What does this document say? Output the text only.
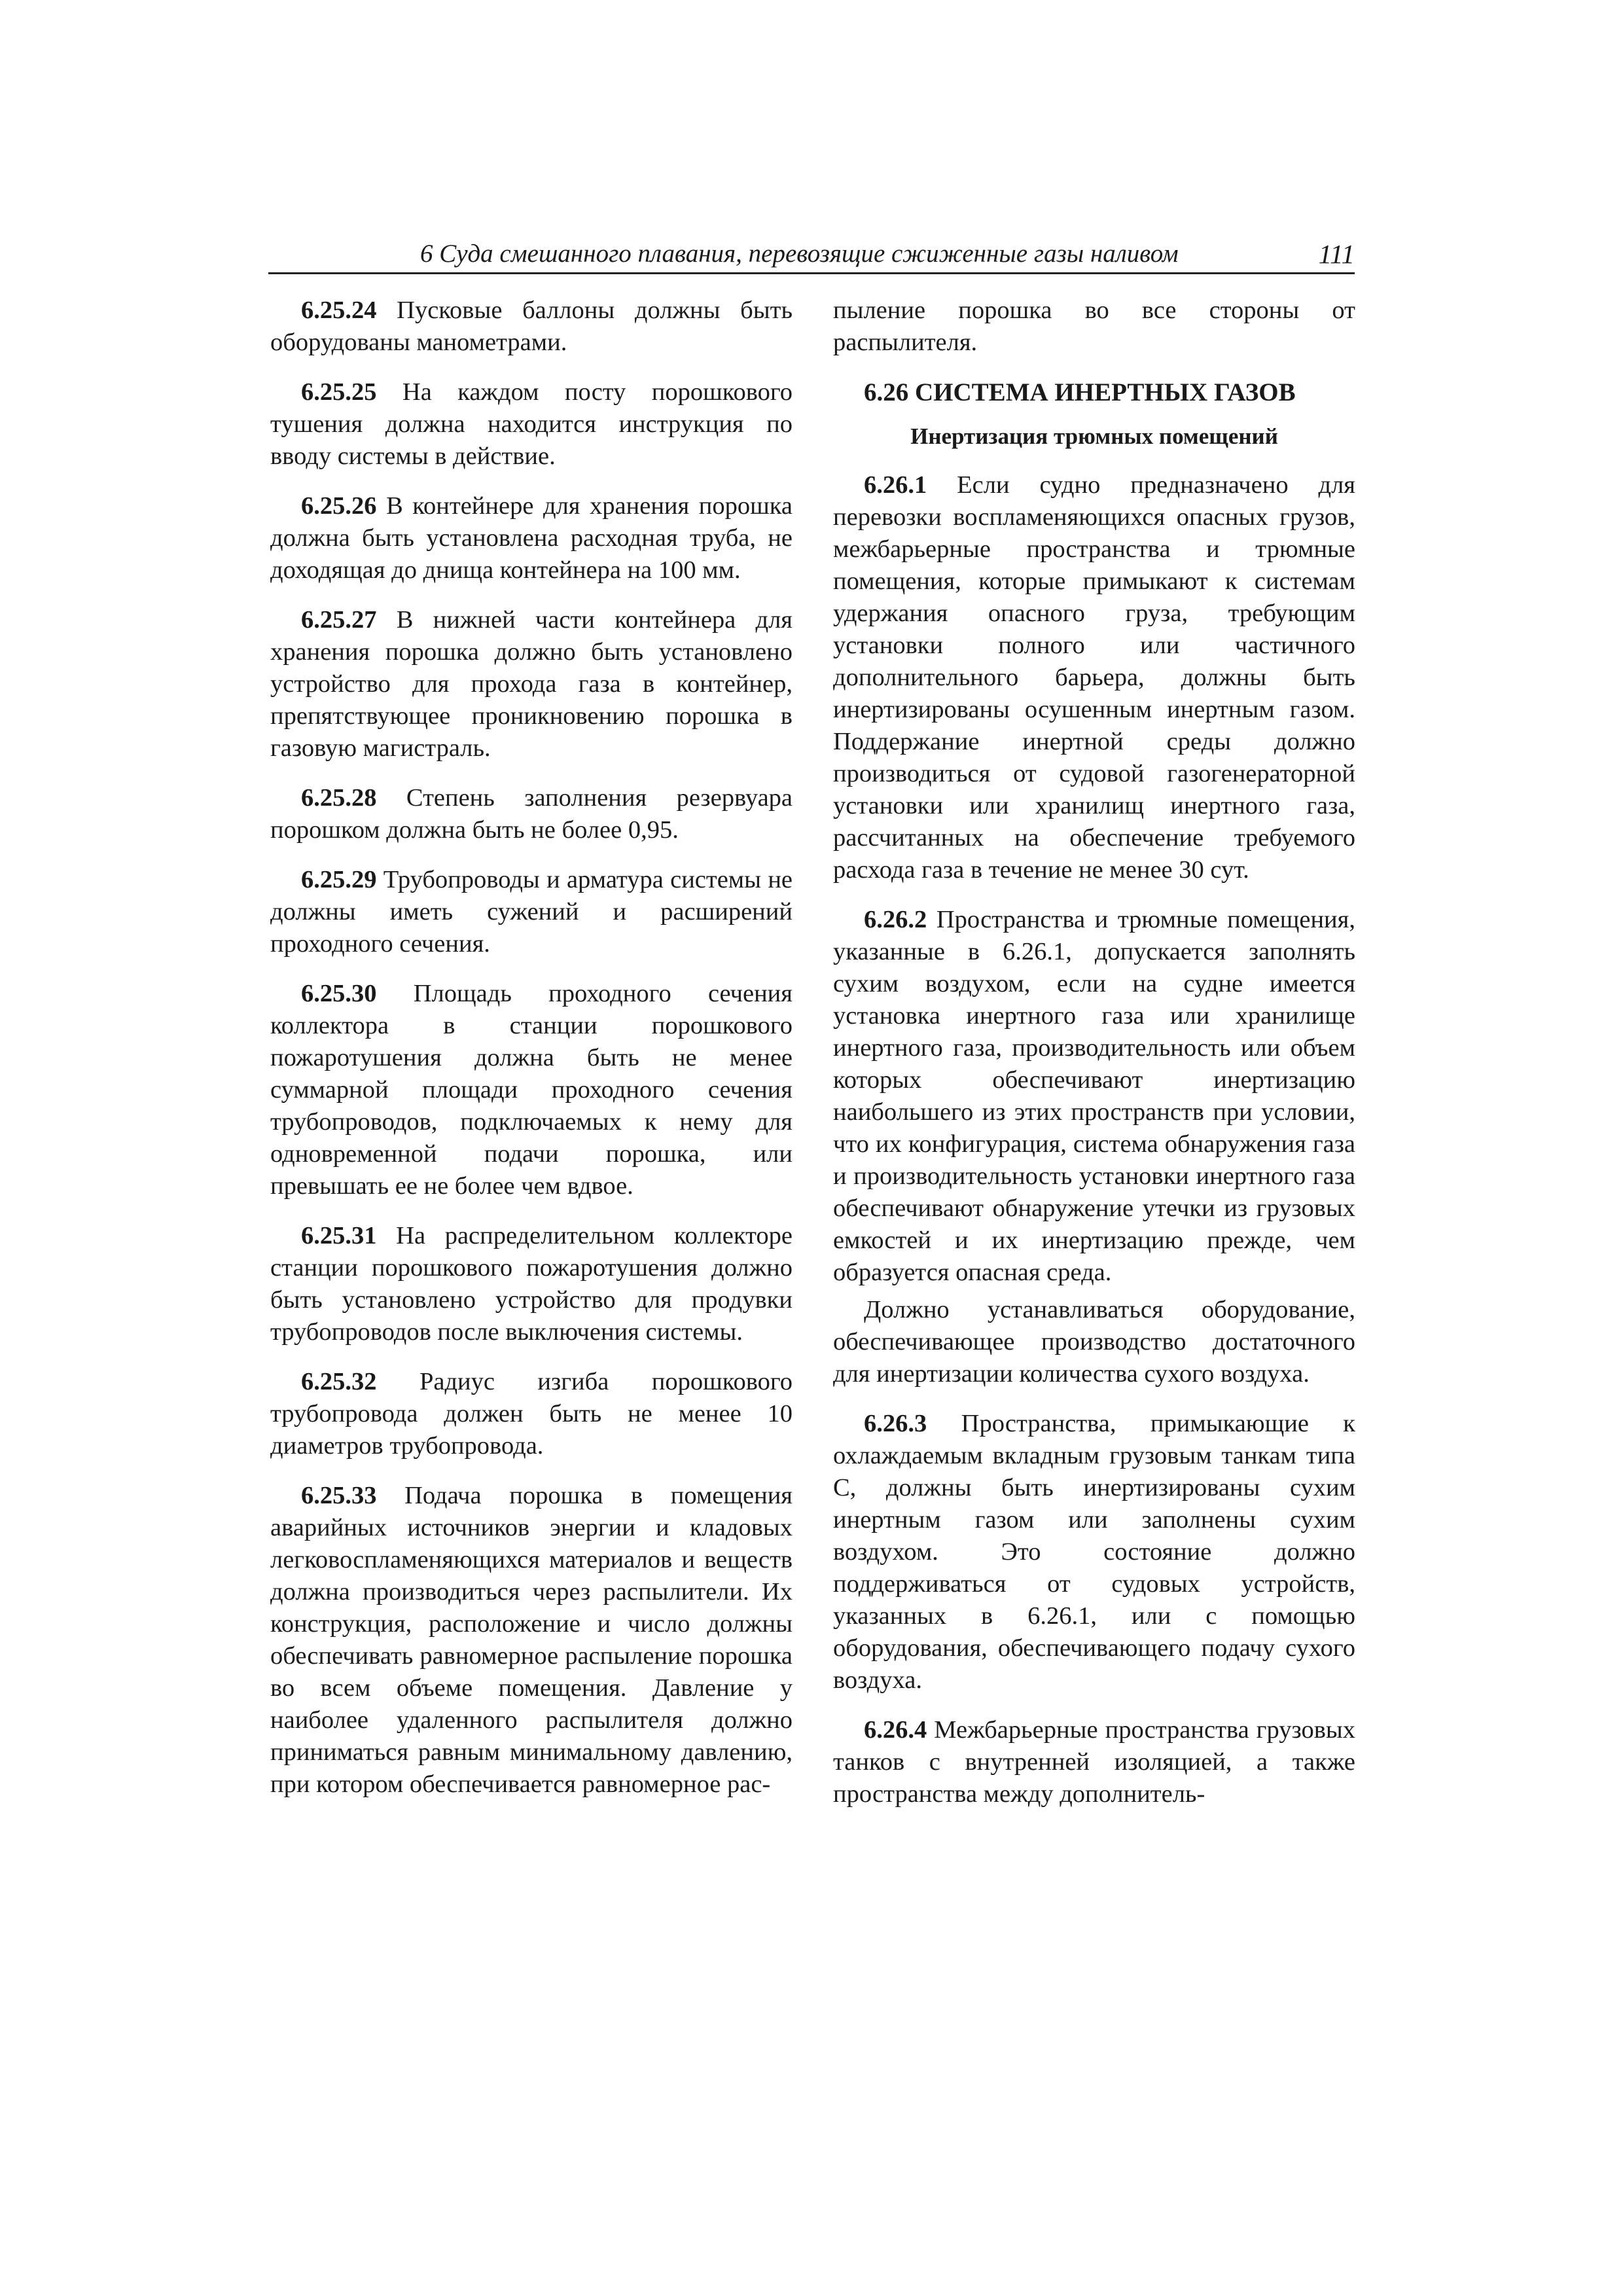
6 Суда смешанного плавания, перевозящие сжиженные газы наливом	111

6.25.24 Пусковые баллоны должны быть оборудованы манометрами.

6.25.25 На каждом посту порошкового тушения должна находится инструкция по вводу системы в действие.

6.25.26 В контейнере для хранения порошка должна быть установлена расходная труба, не доходящая до днища контейнера на 100 мм.

6.25.27 В нижней части контейнера для хранения порошка должно быть установлено устройство для прохода газа в контейнер, препятствующее проникновению порошка в газовую магистраль.

6.25.28 Степень заполнения резервуара порошком должна быть не более 0,95.

6.25.29 Трубопроводы и арматура системы не должны иметь сужений и расширений проходного сечения.

6.25.30 Площадь проходного сечения коллектора в станции порошкового пожаротушения должна быть не менее суммарной площади проходного сечения трубопроводов, подключаемых к нему для одновременной подачи порошка, или превышать ее не более чем вдвое.

6.25.31 На распределительном коллекторе станции порошкового пожаротушения должно быть установлено устройство для продувки трубопроводов после выключения системы.

6.25.32 Радиус изгиба порошкового трубопровода должен быть не менее 10 диаметров трубопровода.

6.25.33 Подача порошка в помещения аварийных источников энергии и кладовых легковоспламеняющихся материалов и веществ должна производиться через распылители. Их конструкция, расположение и число должны обеспечивать равномерное распыление порошка во всем объеме помещения. Давление у наиболее удаленного распылителя должно приниматься равным минимальному давлению, при котором обеспечивается равномерное рас-

пыление порошка во все стороны от распылителя.

6.26 СИСТЕМА ИНЕРТНЫХ ГАЗОВ
Инертизация трюмных помещений

6.26.1 Если судно предназначено для перевозки воспламеняющихся опасных грузов, межбарьерные пространства и трюмные помещения, которые примыкают к системам удержания опасного груза, требующим установки полного или частичного дополнительного барьера, должны быть инертизированы осушенным инертным газом. Поддержание инертной среды должно производиться от судовой газогенераторной установки или хранилищ инертного газа, рассчитанных на обеспечение требуемого расхода газа в течение не менее 30 сут.

6.26.2 Пространства и трюмные помещения, указанные в 6.26.1, допускается заполнять сухим воздухом, если на судне имеется установка инертного газа или хранилище инертного газа, производительность или объем которых обеспечивают инертизацию наибольшего из этих пространств при условии, что их конфигурация, система обнаружения газа и производительность установки инертного газа обеспечивают обнаружение утечки из грузовых емкостей и их инертизацию прежде, чем образуется опасная среда.

Должно устанавливаться оборудование, обеспечивающее производство достаточного для инертизации количества сухого воздуха.

6.26.3 Пространства, примыкающие к охлаждаемым вкладным грузовым танкам типа С, должны быть инертизированы сухим инертным газом или заполнены сухим воздухом. Это состояние должно поддерживаться от судовых устройств, указанных в 6.26.1, или с помощью оборудования, обеспечивающего подачу сухого воздуха.

6.26.4 Межбарьерные пространства грузовых танков с внутренней изоляцией, а также пространства между дополнитель-
